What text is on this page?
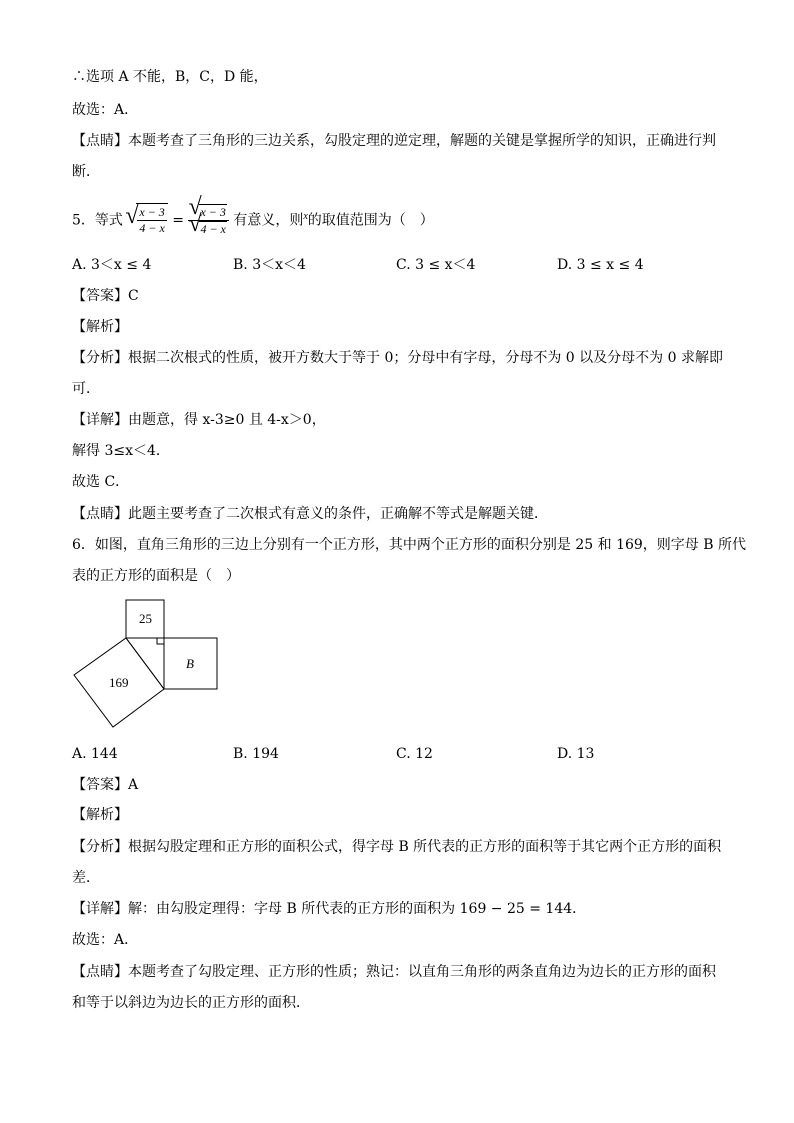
∴选项 A 不能，B，C，D 能，
故选：A．
【点睛】本题考查了三角形的三边关系，勾股定理的逆定理，解题的关键是掌握所学的知识，正确进行判
断．
5．等式 √ $\frac{x - 3}{4 - x}$ = √ x − 3
√ 4 − x 有意义，则$^x$的取值范围为（　）
A. 3＜x ≤ 4	B. 3＜x＜4	C. 3 ≤ x＜4	D. 3 ≤ x ≤ 4
【答案】C
【解析】
【分析】根据二次根式的性质，被开方数大于等于 0；分母中有字母，分母不为 0 以及分母不为 0 求解即
可．
【详解】由题意，得 x-3≥0 且 4-x＞0，
解得 3≤x＜4．
故选 C．
【点睛】此题主要考查了二次根式有意义的条件，正确解不等式是解题关键．
6．如图，直角三角形的三边上分别有一个正方形，其中两个正方形的面积分别是 25 和 169，则字母 B 所代
表的正方形的面积是（　）
25
169
B
A. 144	B. 194	C. 12	D. 13
【答案】A
【解析】
【分析】根据勾股定理和正方形的面积公式，得字母 B 所代表的正方形的面积等于其它两个正方形的面积
差．
【详解】解：由勾股定理得：字母 B 所代表的正方形的面积为 169 − 25 = 144．
故选：A．
【点睛】本题考查了勾股定理、正方形的性质；熟记：以直角三角形的两条直角边为边长的正方形的面积
和等于以斜边为边长的正方形的面积．
